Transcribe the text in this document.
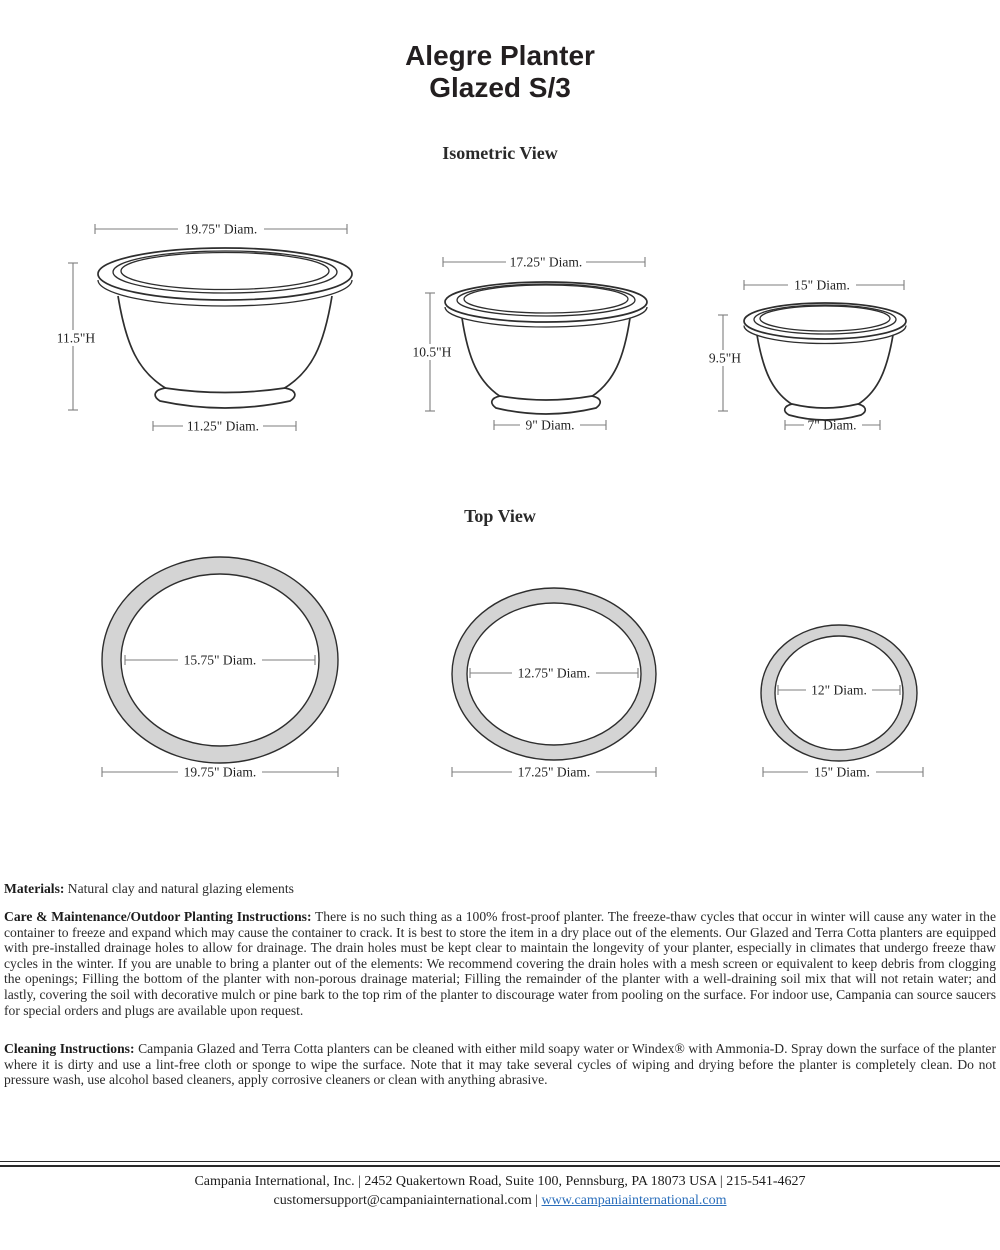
Alegre Planter
Glazed S/3
Isometric View
19.75" Diam.
11.5"H
11.25" Diam.
17.25" Diam.
10.5"H
9" Diam.
15" Diam.
9.5"H
7" Diam.
Top View
15.75" Diam.
19.75" Diam.
12.75" Diam.
17.25" Diam.
12" Diam.
15" Diam.

Materials: Natural clay and natural glazing elements

Care & Maintenance/Outdoor Planting Instructions: There is no such thing as a 100% frost-proof planter. The freeze-thaw cycles that occur in winter will cause any water in the container to freeze and expand which may cause the container to crack. It is best to store the item in a dry place out of the elements. Our Glazed and Terra Cotta planters are equipped with pre-installed drainage holes to allow for drainage. The drain holes must be kept clear to maintain the longevity of your planter, especially in climates that undergo freeze thaw cycles in the winter. If you are unable to bring a planter out of the elements: We recommend covering the drain holes with a mesh screen or equivalent to keep debris from clogging the openings; Filling the bottom of the planter with non-porous drainage material; Filling the remainder of the planter with a well-draining soil mix that will not retain water; and lastly, covering the soil with decorative mulch or pine bark to the top rim of the planter to discourage water from pooling on the surface. For indoor use, Campania can source saucers for special orders and plugs are available upon request.

Cleaning Instructions: Campania Glazed and Terra Cotta planters can be cleaned with either mild soapy water or Windex® with Ammonia-D. Spray down the surface of the planter where it is dirty and use a lint-free cloth or sponge to wipe the surface. Note that it may take several cycles of wiping and drying before the planter is completely clean. Do not pressure wash, use alcohol based cleaners, apply corrosive cleaners or clean with anything abrasive.

Campania International, Inc. | 2452 Quakertown Road, Suite 100, Pennsburg, PA 18073 USA | 215-541-4627
customersupport@campaniainternational.com | www.campaniainternational.com
